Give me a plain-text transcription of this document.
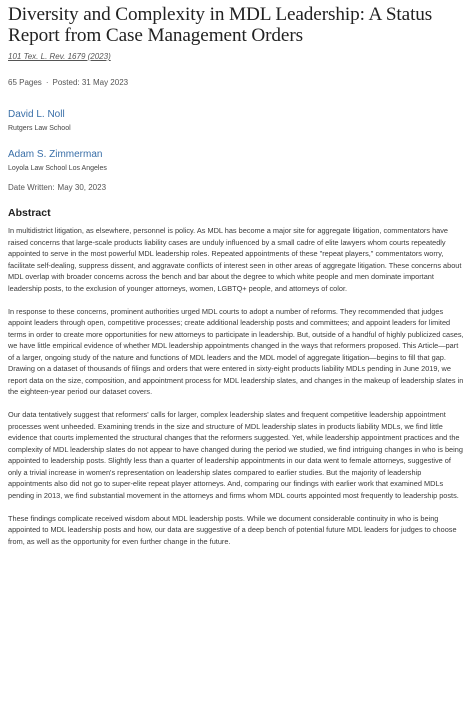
Diversity and Complexity in MDL Leadership: A Status Report from Case Management Orders
101 Tex. L. Rev. 1679 (2023)
65 Pages · Posted: 31 May 2023
David L. Noll
Rutgers Law School
Adam S. Zimmerman
Loyola Law School Los Angeles
Date Written: May 30, 2023
Abstract

In multidistrict litigation, as elsewhere, personnel is policy. As MDL has become a major site for aggregate litigation, commentators have raised concerns that large-scale products liability cases are unduly influenced by a small cadre of elite lawyers whom courts repeatedly appointed to serve in the most powerful MDL leadership roles. Repeated appointments of these "repeat players," commentators worry, facilitate self-dealing, suppress dissent, and aggravate conflicts of interest seen in other areas of aggregate litigation. These concerns about MDL overlap with broader concerns across the bench and bar about the degree to which white people and men dominate important leadership posts, to the exclusion of younger attorneys, women, LGBTQ+ people, and attorneys of color.

In response to these concerns, prominent authorities urged MDL courts to adopt a number of reforms. They recommended that judges appoint leaders through open, competitive processes; create additional leadership posts and committees; and appoint leaders for limited terms in order to create more opportunities for new attorneys to participate in leadership. But, outside of a handful of highly publicized cases, we have little empirical evidence of whether MDL leadership appointments changed in the ways that reformers proposed. This Article—part of a larger, ongoing study of the nature and functions of MDL leaders and the MDL model of aggregate litigation—begins to fill that gap. Drawing on a dataset of thousands of filings and orders that were entered in sixty-eight products liability MDLs pending in June 2019, we report data on the size, composition, and appointment process for MDL leadership slates, and changes in the makeup of leadership slates in the eighteen-year period our dataset covers.

Our data tentatively suggest that reformers' calls for larger, complex leadership slates and frequent competitive leadership appointment processes went unheeded. Examining trends in the size and structure of MDL leadership slates in products liability MDLs, we find little evidence that courts implemented the structural changes that the reformers suggested. Yet, while leadership appointment practices and the complexity of MDL leadership slates do not appear to have changed during the period we studied, we find intriguing changes in who is being appointed to leadership posts. Slightly less than a quarter of leadership appointments in our data went to female attorneys, suggestive of only a trivial increase in women's representation on leadership slates compared to earlier studies. But the majority of leadership appointments also did not go to super-elite repeat player attorneys. And, comparing our findings with earlier work that examined MDLs pending in 2013, we find substantial movement in the attorneys and firms whom MDL courts appointed most frequently to leadership posts.

These findings complicate received wisdom about MDL leadership posts. While we document considerable continuity in who is being appointed to MDL leadership posts and how, our data are suggestive of a deep bench of potential future MDL leaders for judges to choose from, as well as the opportunity for even further change in the future.
